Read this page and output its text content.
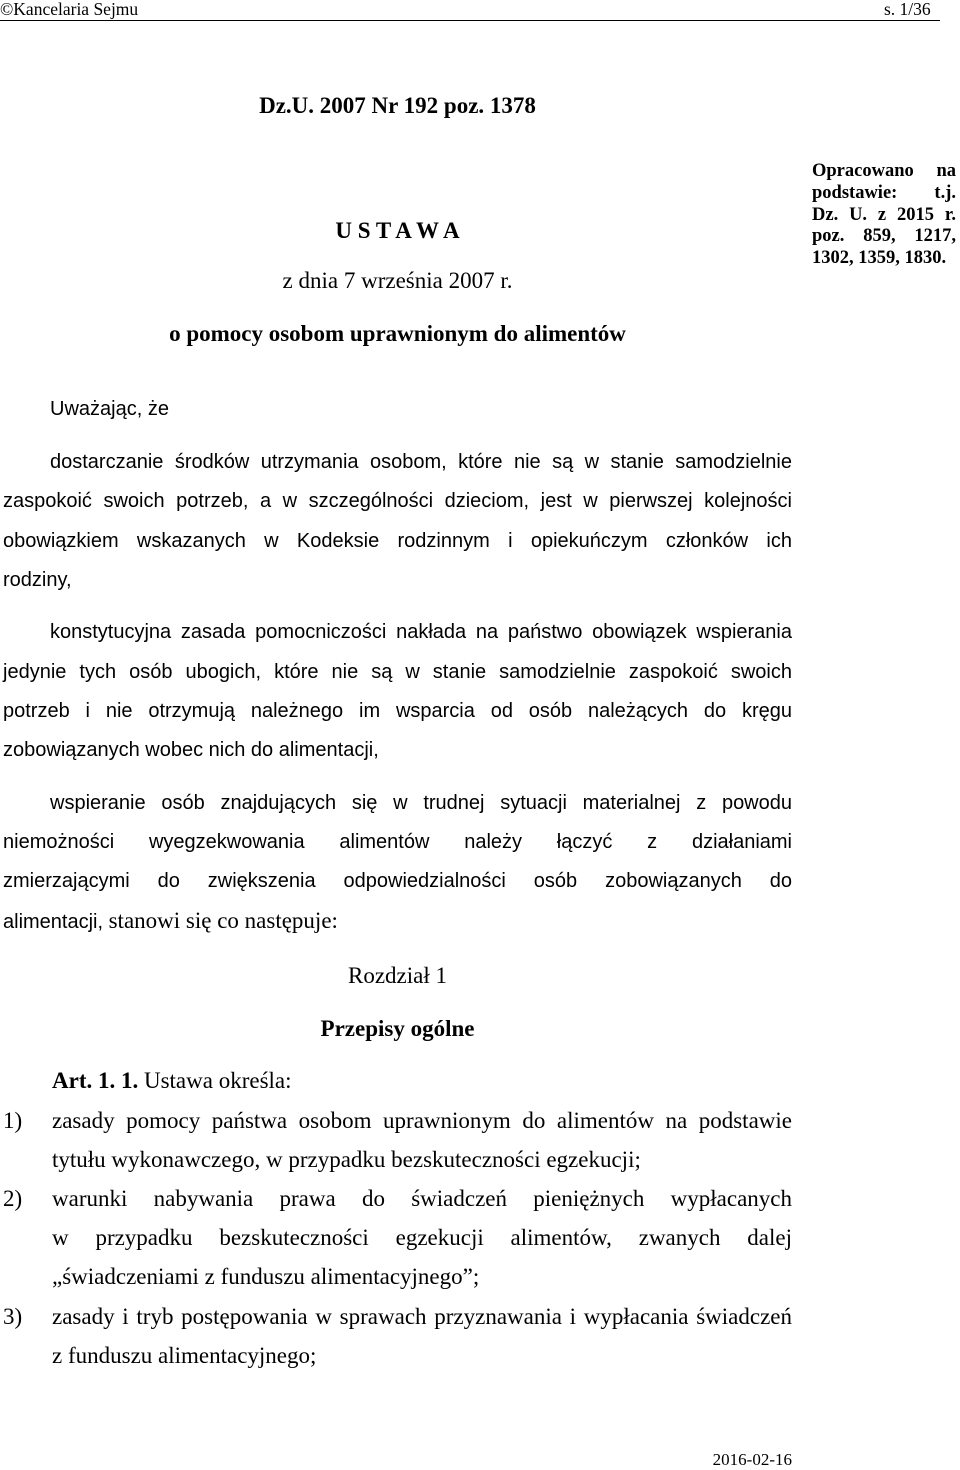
©Kancelaria Sejmu	s. 1/36
Dz.U. 2007 Nr 192 poz. 1378
U S T A W A
z dnia 7 września 2007 r.
o pomocy osobom uprawnionym do alimentów
Opracowano na
podstawie: t.j.
Dz. U. z 2015 r.
poz. 859, 1217,
1302, 1359, 1830.
Uważając, że
dostarczanie środków utrzymania osobom, które nie są w stanie samodzielnie
zaspokoić swoich potrzeb, a w szczególności dzieciom, jest w pierwszej kolejności
obowiązkiem wskazanych w Kodeksie rodzinnym i opiekuńczym członków ich
rodziny,
konstytucyjna zasada pomocniczości nakłada na państwo obowiązek wspierania
jedynie tych osób ubogich, które nie są w stanie samodzielnie zaspokoić swoich
potrzeb i nie otrzymują należnego im wsparcia od osób należących do kręgu
zobowiązanych wobec nich do alimentacji,
wspieranie osób znajdujących się w trudnej sytuacji materialnej z powodu
niemożności wyegzekwowania alimentów należy łączyć z działaniami
zmierzającymi do zwiększenia odpowiedzialności osób zobowiązanych do
alimentacji, stanowi się co następuje:
Rozdział 1
Przepisy ogólne
Art. 1. 1. Ustawa określa:
1)	zasady pomocy państwa osobom uprawnionym do alimentów na podstawie
tytułu wykonawczego, w przypadku bezskuteczności egzekucji;
2)	warunki nabywania prawa do świadczeń pieniężnych wypłacanych
w przypadku bezskuteczności egzekucji alimentów, zwanych dalej
„świadczeniami z funduszu alimentacyjnego”;
3)	zasady i tryb postępowania w sprawach przyznawania i wypłacania świadczeń
z funduszu alimentacyjnego;
2016-02-16
